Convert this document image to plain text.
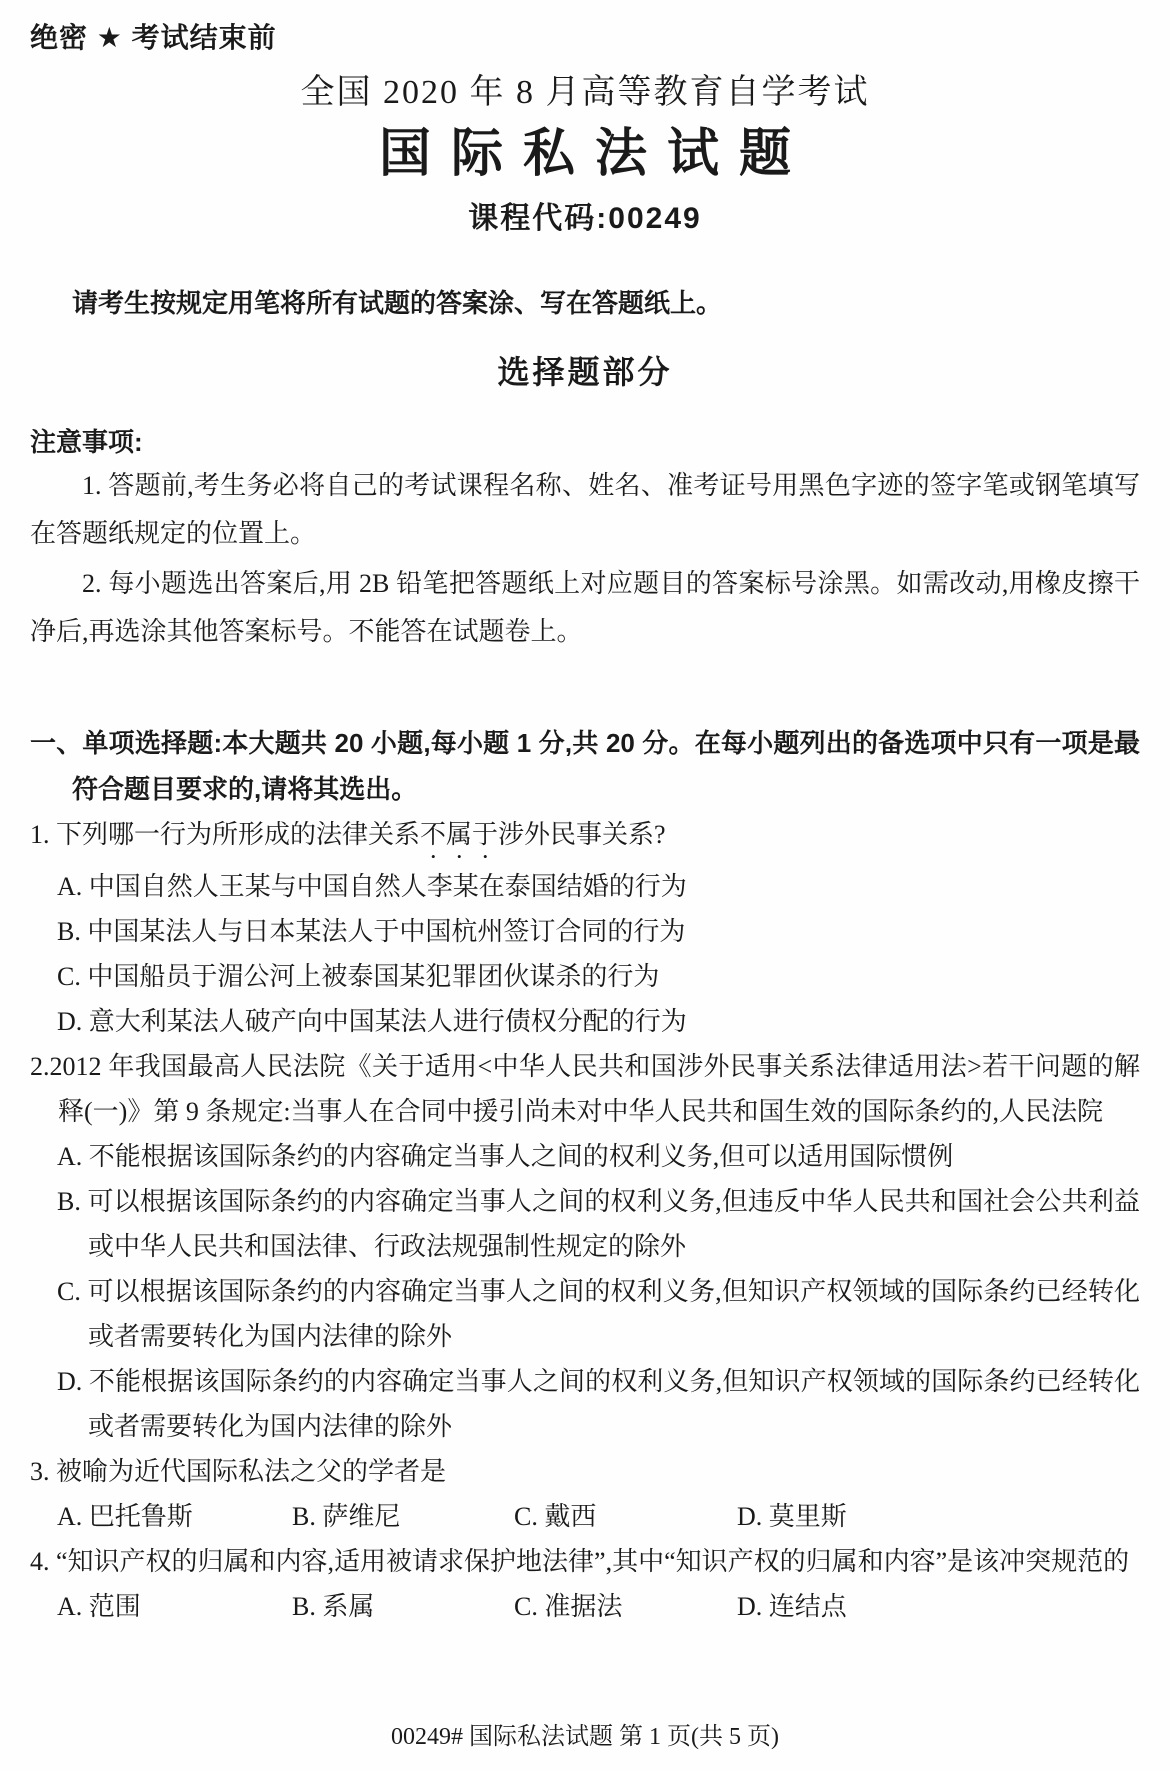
绝密 ★ 考试结束前
全国 2020 年 8 月高等教育自学考试
国际私法试题
课程代码:00249
请考生按规定用笔将所有试题的答案涂、写在答题纸上。
选择题部分
注意事项:

1. 答题前,考生务必将自己的考试课程名称、姓名、准考证号用黑色字迹的签字笔或钢笔填写在答题纸规定的位置上。

2. 每小题选出答案后,用 2B 铅笔把答题纸上对应题目的答案标号涂黑。如需改动,用橡皮擦干净后,再选涂其他答案标号。不能答在试题卷上。

一、单项选择题:本大题共 20 小题,每小题 1 分,共 20 分。在每小题列出的备选项中只有一项是最符合题目要求的,请将其选出。
1. 下列哪一行为所形成的法律关系不属于涉外民事关系?
A. 中国自然人王某与中国自然人李某在泰国结婚的行为
B. 中国某法人与日本某法人于中国杭州签订合同的行为
C. 中国船员于湄公河上被泰国某犯罪团伙谋杀的行为
D. 意大利某法人破产向中国某法人进行债权分配的行为
2.2012 年我国最高人民法院《关于适用<中华人民共和国涉外民事关系法律适用法>若干问题的解释(一)》第 9 条规定:当事人在合同中援引尚未对中华人民共和国生效的国际条约的,人民法院
A. 不能根据该国际条约的内容确定当事人之间的权利义务,但可以适用国际惯例
B. 可以根据该国际条约的内容确定当事人之间的权利义务,但违反中华人民共和国社会公共利益或中华人民共和国法律、行政法规强制性规定的除外
C. 可以根据该国际条约的内容确定当事人之间的权利义务,但知识产权领域的国际条约已经转化或者需要转化为国内法律的除外
D. 不能根据该国际条约的内容确定当事人之间的权利义务,但知识产权领域的国际条约已经转化或者需要转化为国内法律的除外
3. 被喻为近代国际私法之父的学者是
A. 巴托鲁斯	B. 萨维尼	C. 戴西	D. 莫里斯
4. “知识产权的归属和内容,适用被请求保护地法律”,其中“知识产权的归属和内容”是该冲突规范的
A. 范围	B. 系属	C. 准据法	D. 连结点
00249# 国际私法试题 第 1 页(共 5 页)
